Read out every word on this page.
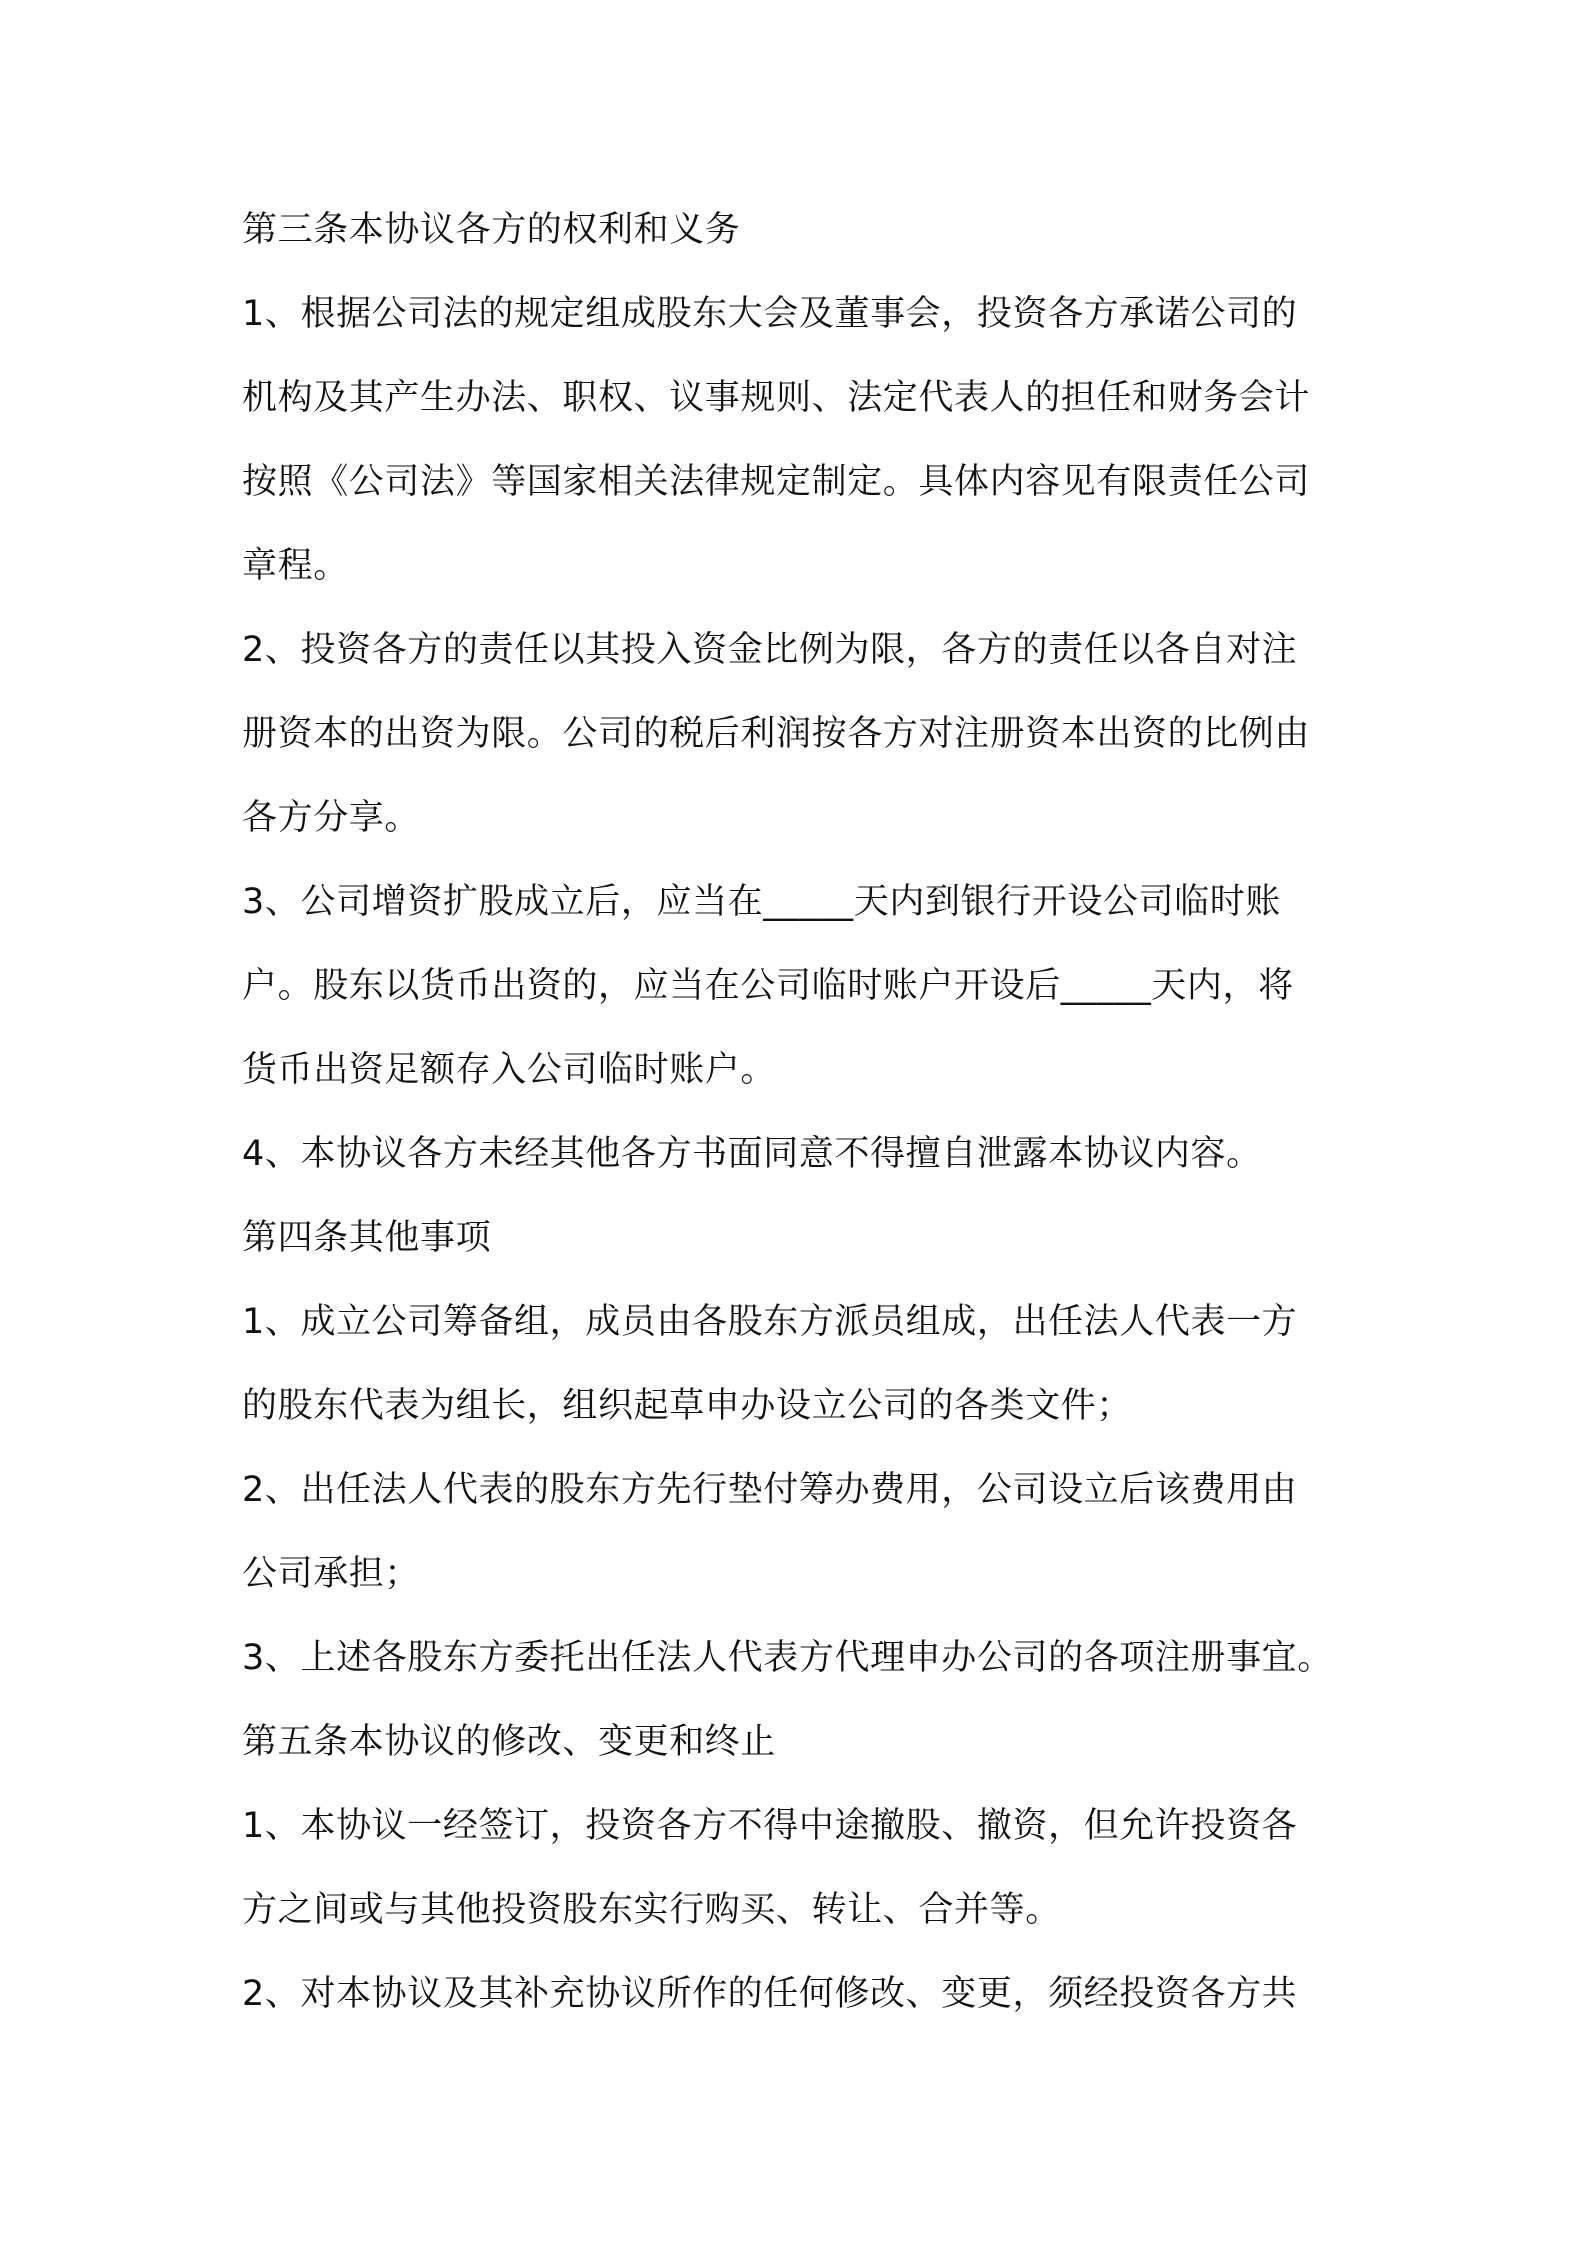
第三条本协议各方的权利和义务
1、根据公司法的规定组成股东大会及董事会，投资各方承诺公司的
机构及其产生办法、职权、议事规则、法定代表人的担任和财务会计
按照《公司法》等国家相关法律规定制定。具体内容见有限责任公司
章程。
2、投资各方的责任以其投入资金比例为限，各方的责任以各自对注
册资本的出资为限。公司的税后利润按各方对注册资本出资的比例由
各方分享。
3、公司增资扩股成立后，应当在_____天内到银行开设公司临时账
户。股东以货币出资的，应当在公司临时账户开设后_____天内，将
货币出资足额存入公司临时账户。
4、本协议各方未经其他各方书面同意不得擅自泄露本协议内容。
第四条其他事项
1、成立公司筹备组，成员由各股东方派员组成，出任法人代表一方
的股东代表为组长，组织起草申办设立公司的各类文件；
2、出任法人代表的股东方先行垫付筹办费用，公司设立后该费用由
公司承担；
3、上述各股东方委托出任法人代表方代理申办公司的各项注册事宜。
第五条本协议的修改、变更和终止
1、本协议一经签订，投资各方不得中途撤股、撤资，但允许投资各
方之间或与其他投资股东实行购买、转让、合并等。
2、对本协议及其补充协议所作的任何修改、变更，须经投资各方共
